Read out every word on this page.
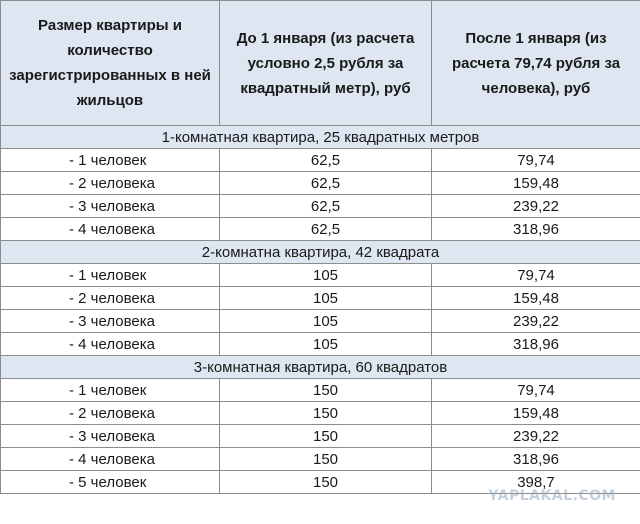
Размер квартиры и количество зарегистрированных в ней жильцов	До 1 января (из расчета условно 2,5 рубля за квадратный метр), руб	После 1 января (из расчета 79,74 рубля за человека), руб
1-комнатная квартира, 25 квадратных метров		
- 1 человек	62,5	79,74
- 2 человека	62,5	159,48
- 3 человека	62,5	239,22
- 4 человека	62,5	318,96
2-комнатна квартира, 42 квадрата		
- 1 человек	105	79,74
- 2 человека	105	159,48
- 3 человека	105	239,22
- 4 человека	105	318,96
3-комнатная квартира, 60 квадратов		
- 1 человек	150	79,74
- 2 человека	150	159,48
- 3 человека	150	239,22
- 4 человека	150	318,96
- 5 человек	150	398,7
YAPLAKAL.COM
